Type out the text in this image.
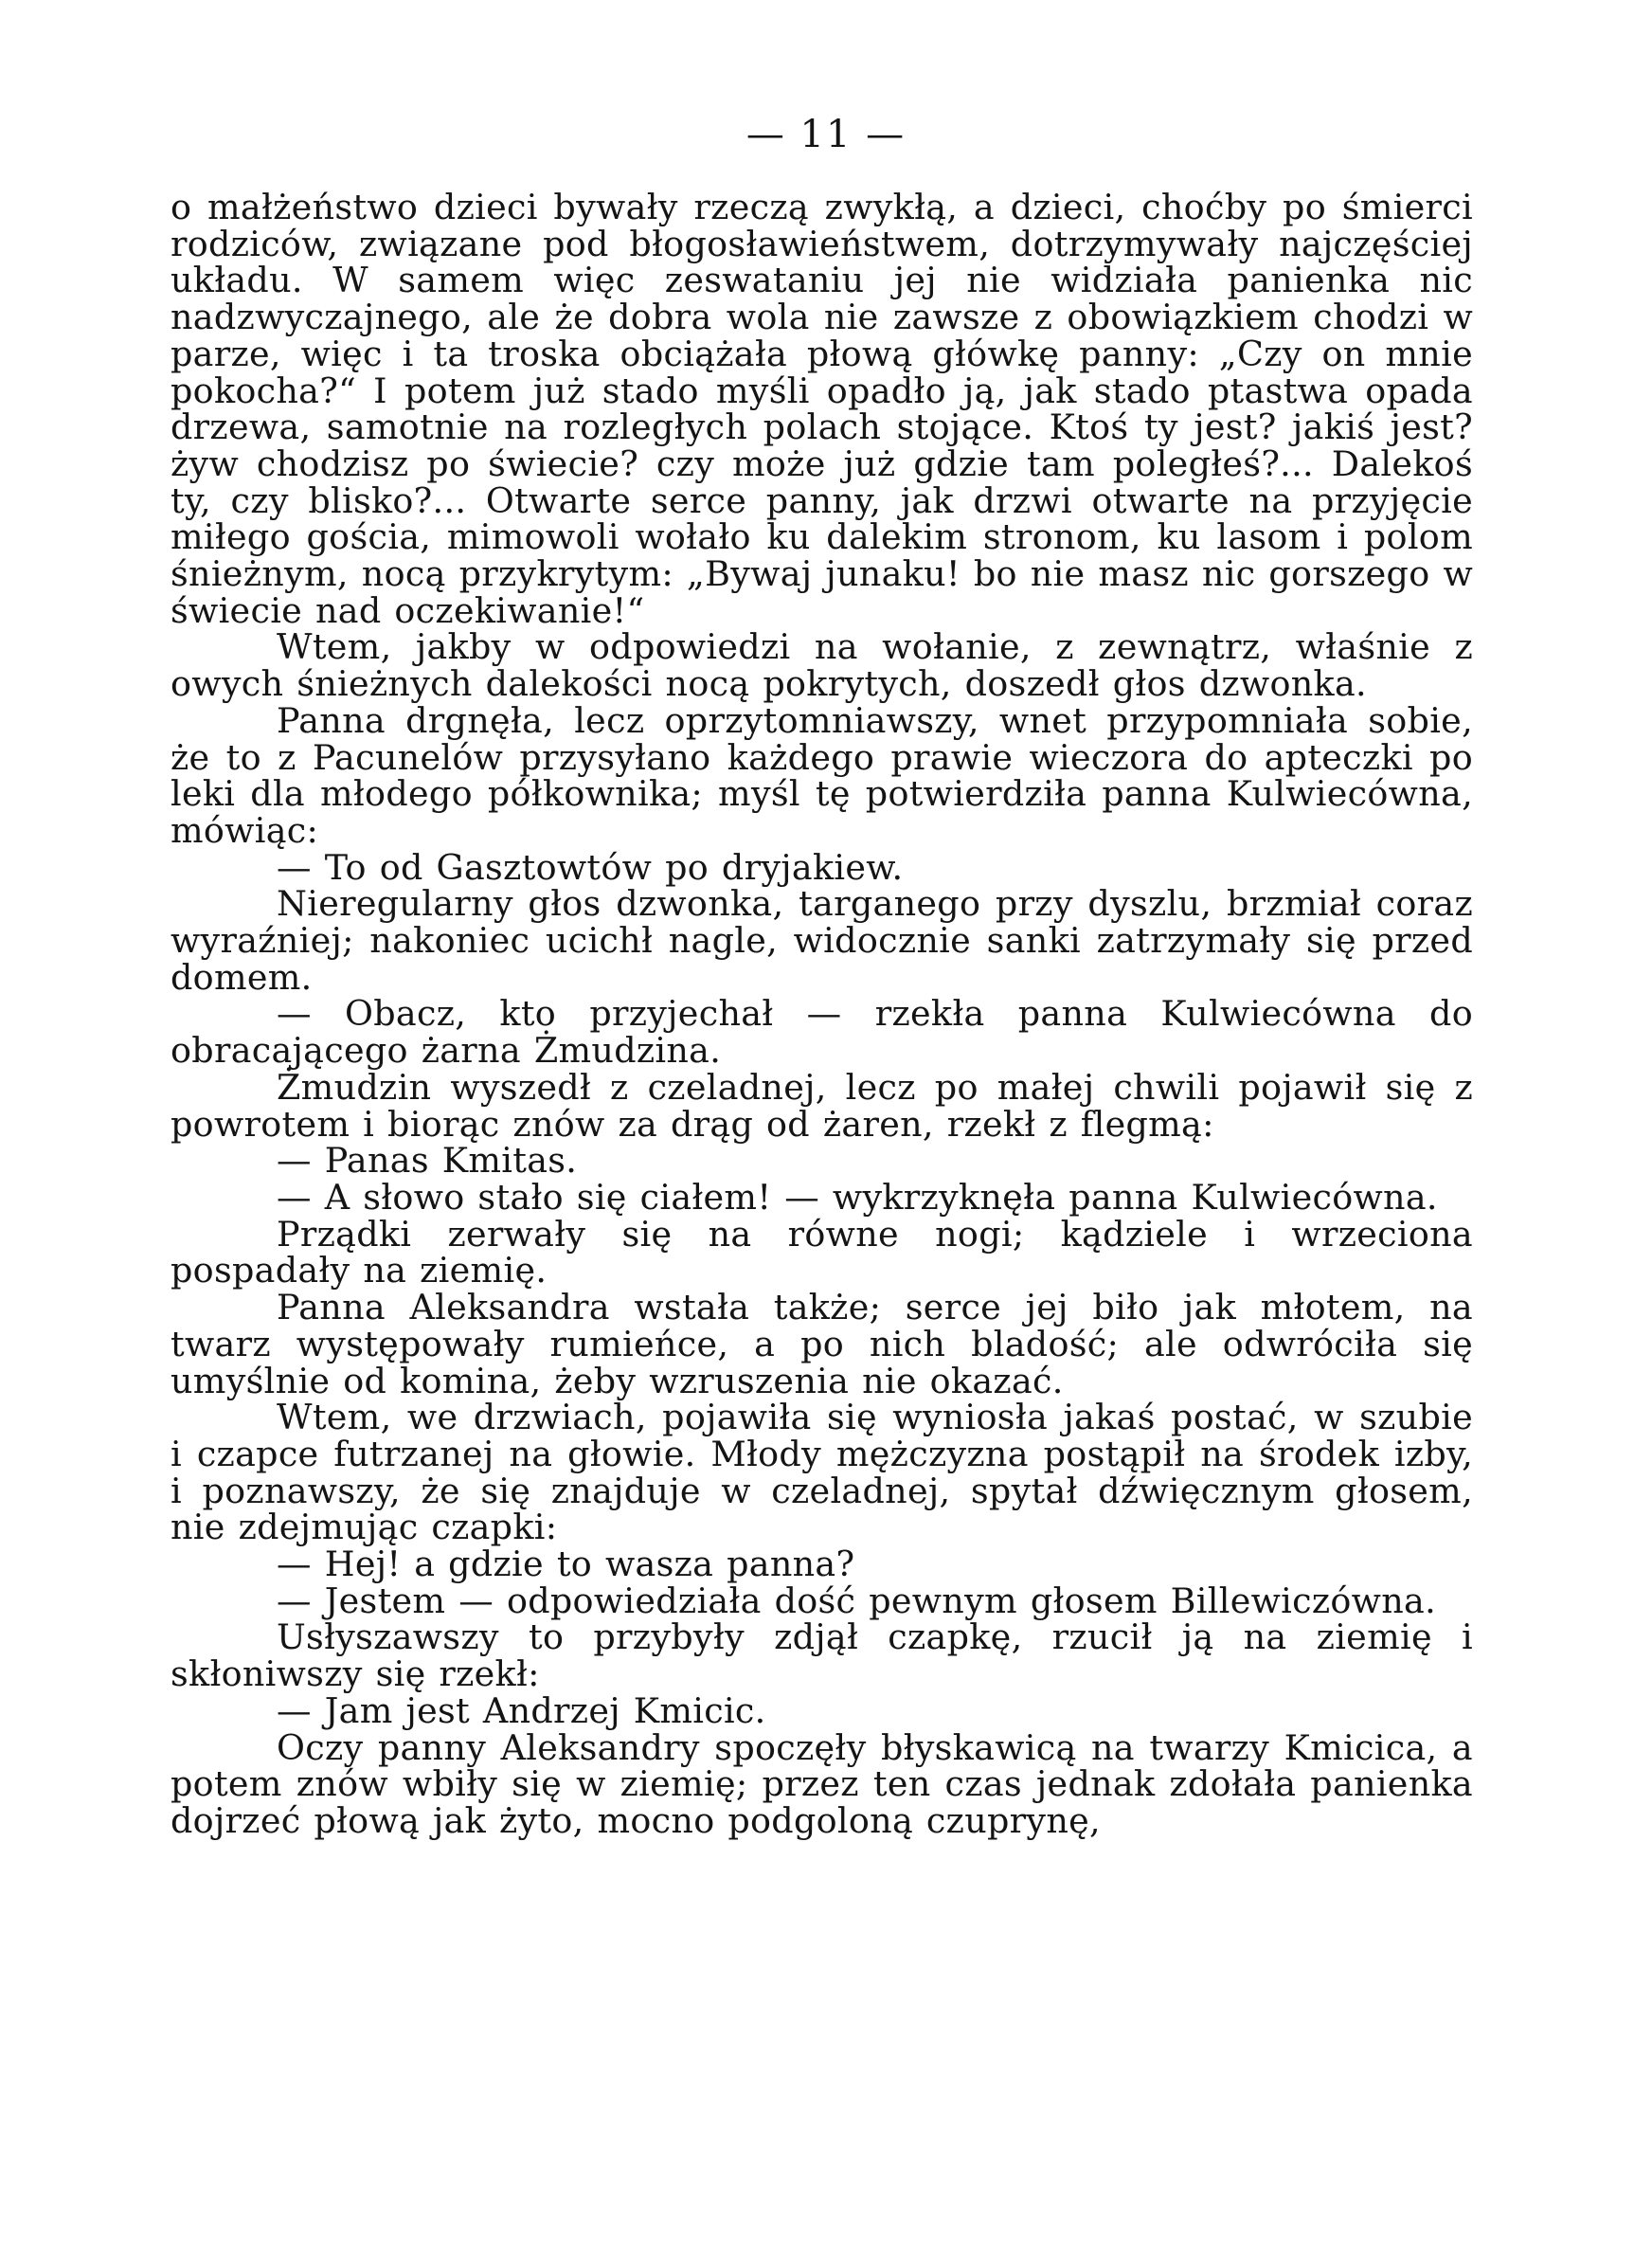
— 11 —

o małżeństwo dzieci bywały rzeczą zwykłą, a dzieci, choćby po śmierci rodziców, związane pod błogosławieństwem, dotrzymywały najczęściej układu. W samem więc zeswataniu jej nie widziała panienka nic nadzwyczajnego, ale że dobra wola nie zawsze z obowiązkiem chodzi w parze, więc i ta troska obciążała płową główkę panny: „Czy on mnie pokocha?“ I potem już stado myśli opadło ją, jak stado ptastwa opada drzewa, samotnie na rozległych polach stojące. Ktoś ty jest? jakiś jest? żyw chodzisz po świecie? czy może już gdzie tam poległeś?... Dalekoś ty, czy blisko?... Otwarte serce panny, jak drzwi otwarte na przyjęcie miłego gościa, mimowoli wołało ku dalekim stronom, ku lasom i polom śnieżnym, nocą przykrytym: „Bywaj junaku! bo nie masz nic gorszego w świecie nad oczekiwanie!“

Wtem, jakby w odpowiedzi na wołanie, z zewnątrz, właśnie z owych śnieżnych dalekości nocą pokrytych, doszedł głos dzwonka.

Panna drgnęła, lecz oprzytomniawszy, wnet przypomniała sobie, że to z Pacunelów przysyłano każdego prawie wieczora do apteczki po leki dla młodego półkownika; myśl tę potwierdziła panna Kulwiecówna, mówiąc:

— To od Gasztowtów po dryjakiew.

Nieregularny głos dzwonka, targanego przy dyszlu, brzmiał coraz wyraźniej; nakoniec ucichł nagle, widocznie sanki zatrzymały się przed domem.

— Obacz, kto przyjechał — rzekła panna Kulwiecówna do obracającego żarna Żmudzina.

Żmudzin wyszedł z czeladnej, lecz po małej chwili pojawił się z powrotem i biorąc znów za drąg od żaren, rzekł z flegmą:

— Panas Kmitas.

— A słowo stało się ciałem! — wykrzyknęła panna Kulwiecówna.

Prządki zerwały się na równe nogi; kądziele i wrzeciona pospadały na ziemię.

Panna Aleksandra wstała także; serce jej biło jak młotem, na twarz występowały rumieńce, a po nich bladość; ale odwróciła się umyślnie od komina, żeby wzruszenia nie okazać.

Wtem, we drzwiach, pojawiła się wyniosła jakaś postać, w szubie i czapce futrzanej na głowie. Młody mężczyzna postąpił na środek izby, i poznawszy, że się znajduje w czeladnej, spytał dźwięcznym głosem, nie zdejmując czapki:

— Hej! a gdzie to wasza panna?

— Jestem — odpowiedziała dość pewnym głosem Billewiczówna.

Usłyszawszy to przybyły zdjął czapkę, rzucił ją na ziemię i skłoniwszy się rzekł:

— Jam jest Andrzej Kmicic.

Oczy panny Aleksandry spoczęły błyskawicą na twarzy Kmicica, a potem znów wbiły się w ziemię; przez ten czas jednak zdołała panienka dojrzeć płową jak żyto, mocno podgoloną czuprynę,
